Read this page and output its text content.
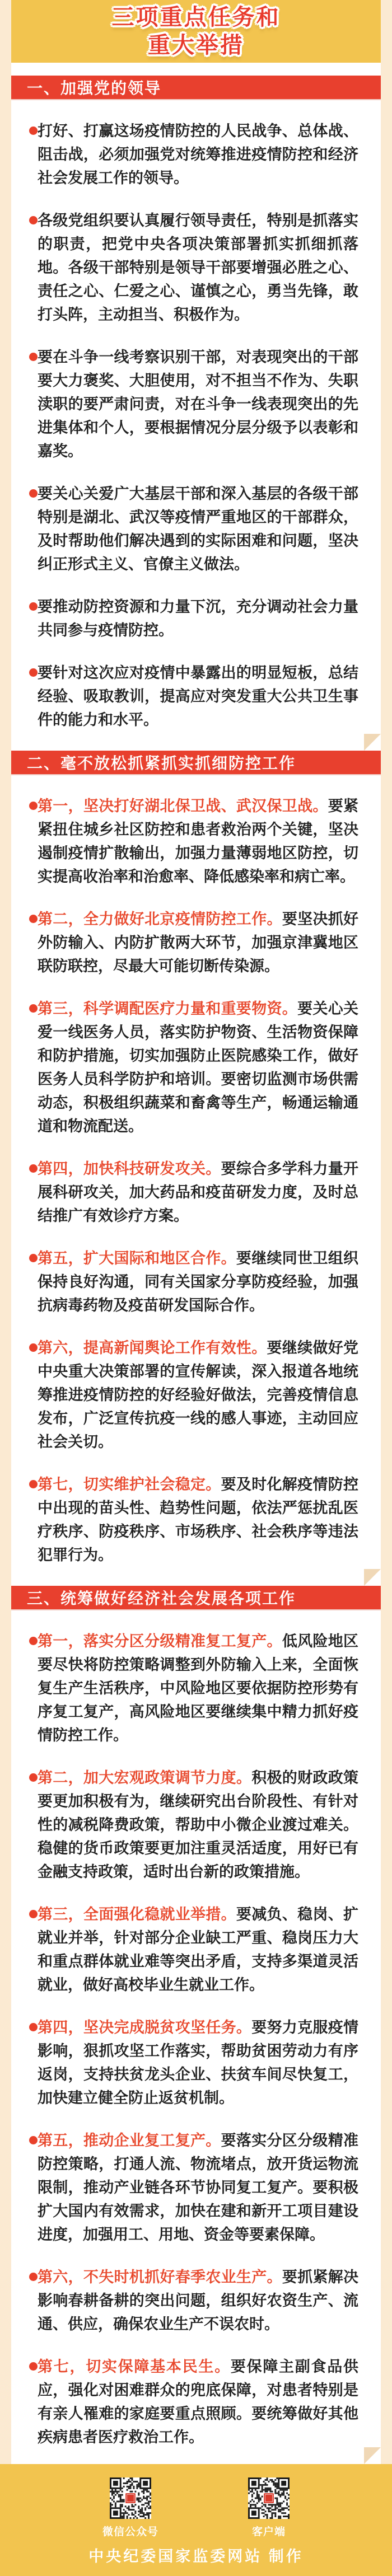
三项重点任务和
重大举措
一、加强党的领导

打好、打赢这场疫情防控的人民战争、总体战、阻击战，必须加强党对统筹推进疫情防控和经济社会发展工作的领导。

各级党组织要认真履行领导责任，特别是抓落实的职责，把党中央各项决策部署抓实抓细抓落地。各级干部特别是领导干部要增强必胜之心、责任之心、仁爱之心、谨慎之心，勇当先锋，敢打头阵，主动担当、积极作为。

要在斗争一线考察识别干部，对表现突出的干部要大力褒奖、大胆使用，对不担当不作为、失职渎职的要严肃问责，对在斗争一线表现突出的先进集体和个人，要根据情况分层分级予以表彰和嘉奖。

要关心关爱广大基层干部和深入基层的各级干部特别是湖北、武汉等疫情严重地区的干部群众，及时帮助他们解决遇到的实际困难和问题，坚决纠正形式主义、官僚主义做法。

要推动防控资源和力量下沉，充分调动社会力量共同参与疫情防控。

要针对这次应对疫情中暴露出的明显短板，总结经验、吸取教训，提高应对突发重大公共卫生事件的能力和水平。

二、毫不放松抓紧抓实抓细防控工作

第一，坚决打好湖北保卫战、武汉保卫战。要紧紧扭住城乡社区防控和患者救治两个关键，坚决遏制疫情扩散输出，加强力量薄弱地区防控，切实提高收治率和治愈率、降低感染率和病亡率。

第二，全力做好北京疫情防控工作。要坚决抓好外防输入、内防扩散两大环节，加强京津冀地区联防联控，尽最大可能切断传染源。

第三，科学调配医疗力量和重要物资。要关心关爱一线医务人员，落实防护物资、生活物资保障和防护措施，切实加强防止医院感染工作，做好医务人员科学防护和培训。要密切监测市场供需动态，积极组织蔬菜和畜禽等生产，畅通运输通道和物流配送。

第四，加快科技研发攻关。要综合多学科力量开展科研攻关，加大药品和疫苗研发力度，及时总结推广有效诊疗方案。

第五，扩大国际和地区合作。要继续同世卫组织保持良好沟通，同有关国家分享防疫经验，加强抗病毒药物及疫苗研发国际合作。

第六，提高新闻舆论工作有效性。要继续做好党中央重大决策部署的宣传解读，深入报道各地统筹推进疫情防控的好经验好做法，完善疫情信息发布，广泛宣传抗疫一线的感人事迹，主动回应社会关切。

第七，切实维护社会稳定。要及时化解疫情防控中出现的苗头性、趋势性问题，依法严惩扰乱医疗秩序、防疫秩序、市场秩序、社会秩序等违法犯罪行为。

三、统筹做好经济社会发展各项工作

第一，落实分区分级精准复工复产。低风险地区要尽快将防控策略调整到外防输入上来，全面恢复生产生活秩序，中风险地区要依据防控形势有序复工复产，高风险地区要继续集中精力抓好疫情防控工作。

第二，加大宏观政策调节力度。积极的财政政策要更加积极有为，继续研究出台阶段性、有针对性的减税降费政策，帮助中小微企业渡过难关。稳健的货币政策要更加注重灵活适度，用好已有金融支持政策，适时出台新的政策措施。

第三，全面强化稳就业举措。要减负、稳岗、扩就业并举，针对部分企业缺工严重、稳岗压力大和重点群体就业难等突出矛盾，支持多渠道灵活就业，做好高校毕业生就业工作。

第四，坚决完成脱贫攻坚任务。要努力克服疫情影响，狠抓攻坚工作落实，帮助贫困劳动力有序返岗，支持扶贫龙头企业、扶贫车间尽快复工，加快建立健全防止返贫机制。

第五，推动企业复工复产。要落实分区分级精准防控策略，打通人流、物流堵点，放开货运物流限制，推动产业链各环节协同复工复产。要积极扩大国内有效需求，加快在建和新开工项目建设进度，加强用工、用地、资金等要素保障。

第六，不失时机抓好春季农业生产。要抓紧解决影响春耕备耕的突出问题，组织好农资生产、流通、供应，确保农业生产不误农时。

第七，切实保障基本民生。要保障主副食品供应，强化对困难群众的兜底保障，对患者特别是有亲人罹难的家庭要重点照顾。要统筹做好其他疾病患者医疗救治工作。

微信公众号	客户端
中央纪委国家监委网站 制作
